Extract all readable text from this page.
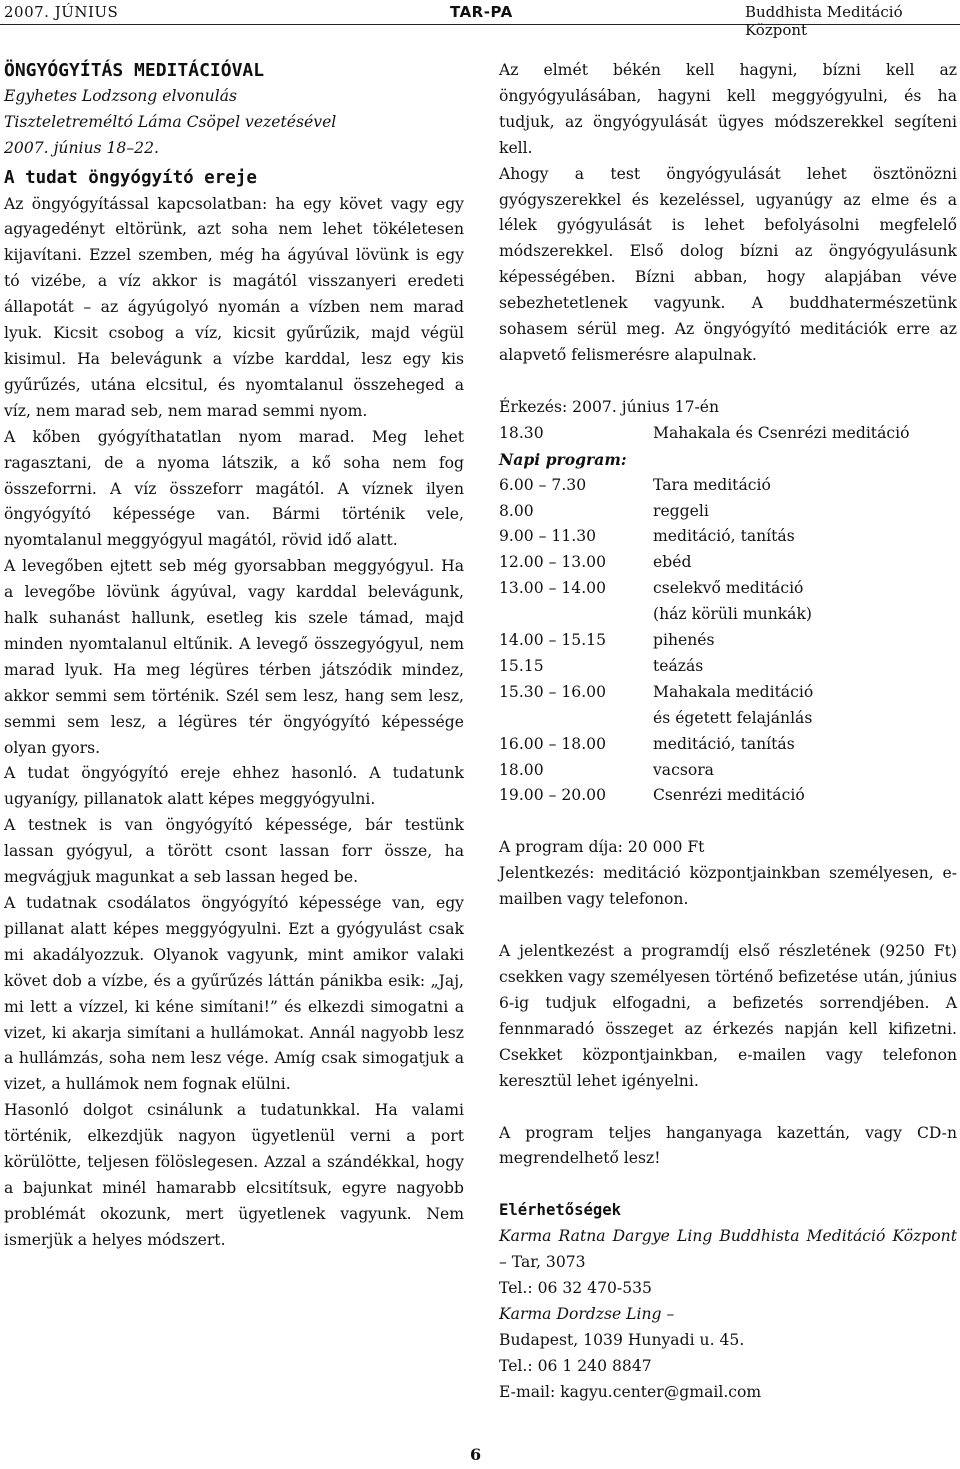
2007. JÚNIUS	TAR-PA	Buddhista Meditáció Központ
ÖNGYÓGYÍTÁS MEDITÁCIÓVAL
Egyhetes Lodzsong elvonulás
Tiszteletreméltó Láma Csöpel vezetésével
2007. június 18–22.
A tudat öngyógyító ereje

Az öngyógyítással kapcsolatban: ha egy követ vagy egy agyagedényt eltörünk, azt soha nem lehet tökéletesen kijavítani. Ezzel szemben, még ha ágyúval lövünk is egy tó vizébe, a víz akkor is magától visszanyeri eredeti állapotát – az ágyúgolyó nyomán a vízben nem marad lyuk. Kicsit csobog a víz, kicsit gyűrűzik, majd végül kisimul. Ha belevágunk a vízbe karddal, lesz egy kis gyűrűzés, utána elcsitul, és nyomtalanul összeheged a víz, nem marad seb, nem marad semmi nyom.

A kőben gyógyíthatatlan nyom marad. Meg lehet ragasztani, de a nyoma látszik, a kő soha nem fog összeforrni. A víz összeforr magától. A víznek ilyen öngyógyító képessége van. Bármi történik vele, nyomtalanul meggyógyul magától, rövid idő alatt.

A levegőben ejtett seb még gyorsabban meggyógyul. Ha a levegőbe lövünk ágyúval, vagy karddal belevágunk, halk suhanást hallunk, esetleg kis szele támad, majd minden nyomtalanul eltűnik. A levegő összegyógyul, nem marad lyuk. Ha meg légüres térben játszódik mindez, akkor semmi sem történik. Szél sem lesz, hang sem lesz, semmi sem lesz, a légüres tér öngyógyító képessége olyan gyors.

A tudat öngyógyító ereje ehhez hasonló. A tudatunk ugyanígy, pillanatok alatt képes meggyógyulni.

A testnek is van öngyógyító képessége, bár testünk lassan gyógyul, a törött csont lassan forr össze, ha megvágjuk magunkat a seb lassan heged be.

A tudatnak csodálatos öngyógyító képessége van, egy pillanat alatt képes meggyógyulni. Ezt a gyógyulást csak mi akadályozzuk. Olyanok vagyunk, mint amikor valaki követ dob a vízbe, és a gyűrűzés láttán pánikba esik: „Jaj, mi lett a vízzel, ki kéne simítani!” és elkezdi simogatni a vizet, ki akarja simítani a hullámokat. Annál nagyobb lesz a hullámzás, soha nem lesz vége. Amíg csak simogatjuk a vizet, a hullámok nem fognak elülni.

Hasonló dolgot csinálunk a tudatunkkal. Ha valami történik, elkezdjük nagyon ügyetlenül verni a port körülötte, teljesen fölöslegesen. Azzal a szándékkal, hogy a bajunkat minél hamarabb elcsitítsuk, egyre nagyobb problémát okozunk, mert ügyetlenek vagyunk. Nem ismerjük a helyes módszert.

Az elmét békén kell hagyni, bízni kell az öngyógyulásában, hagyni kell meggyógyulni, és ha tudjuk, az öngyógyulását ügyes módszerekkel segíteni kell.

Ahogy a test öngyógyulását lehet ösztönözni gyógyszerekkel és kezeléssel, ugyanúgy az elme és a lélek gyógyulását is lehet befolyásolni megfelelő módszerekkel. Első dolog bízni az öngyógyulásunk képességében. Bízni abban, hogy alapjában véve sebezhetetlenek vagyunk. A buddhatermészetünk sohasem sérül meg. Az öngyógyító meditációk erre az alapvető felismerésre alapulnak.

Érkezés: 2007. június 17-én
18.30	Mahakala és Csenrézi meditáció
Napi program:
6.00 – 7.30	Tara meditáció
8.00	reggeli
9.00 – 11.30	meditáció, tanítás
12.00 – 13.00	ebéd
13.00 – 14.00	cselekvő meditáció
(ház körüli munkák)
14.00 – 15.15	pihenés
15.15	teázás
15.30 – 16.00	Mahakala meditáció
és égetett felajánlás
16.00 – 18.00	meditáció, tanítás
18.00	vacsora
19.00 – 20.00	Csenrézi meditáció
A program díja: 20 000 Ft
Jelentkezés: meditáció központjainkban személyesen, e-mailben vagy telefonon.
A jelentkezést a programdíj első részletének (9250 Ft) csekken vagy személyesen történő befizetése után, június 6-ig tudjuk elfogadni, a befizetés sorrendjében. A fennmaradó összeget az érkezés napján kell kifizetni. Csekket központjainkban, e-mailen vagy telefonon keresztül lehet igényelni.
A program teljes hanganyaga kazettán, vagy CD-n megrendelhető lesz!
Elérhetőségek
Karma Ratna Dargye Ling Buddhista Meditáció Központ – Tar, 3073
Tel.: 06 32 470-535
Karma Dordzse Ling –
Budapest, 1039 Hunyadi u. 45.
Tel.: 06 1 240 8847
E-mail: kagyu.center@gmail.com
6
